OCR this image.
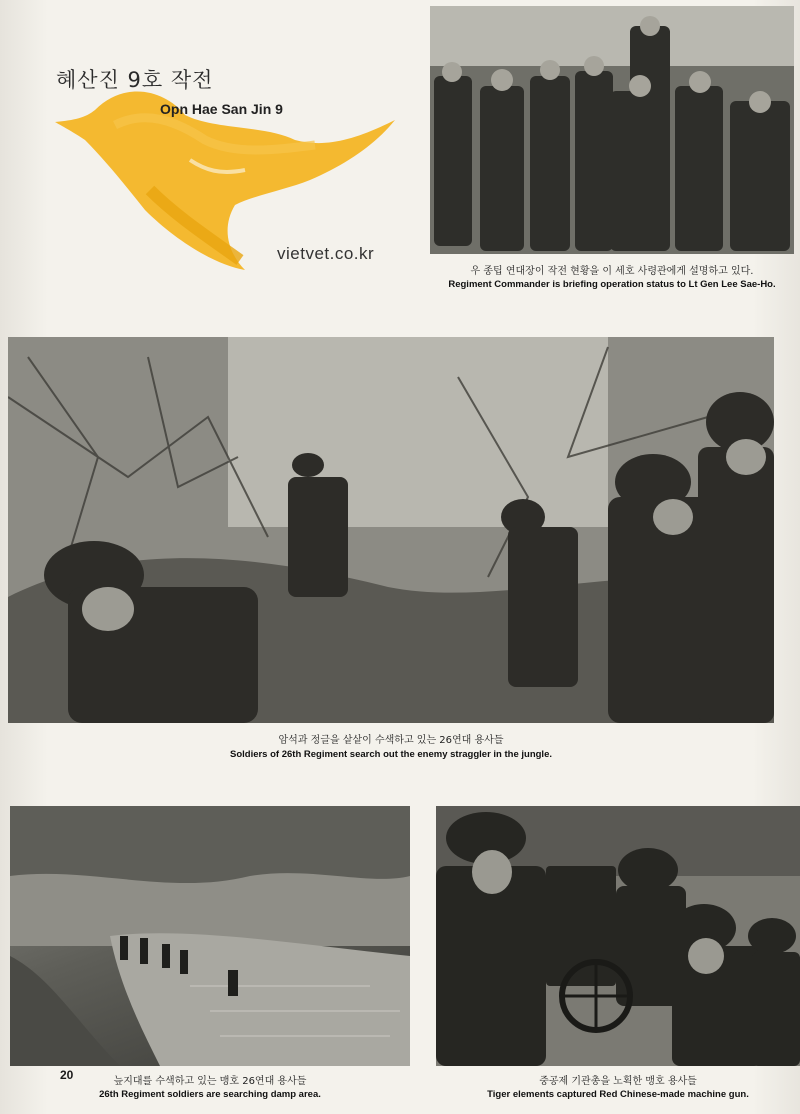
혜산진 9호 작전
Opn Hae San Jin 9
vietvet.co.kr
우 종팁 연대장이 작전 현황을 이 세호 사령관에게 설명하고 있다.
Regiment Commander is briefing operation status to Lt Gen Lee Sae-Ho.
암석과 정글을 샅샅이 수색하고 있는 26연대 용사들
Soldiers of 26th Regiment search out the enemy straggler in the jungle.
늪지대를 수색하고 있는 맹호 26연대 용사들
26th Regiment soldiers are searching damp area.
중공제 기관총을 노획한 맹호 용사들
Tiger elements captured Red Chinese-made machine gun.
20
